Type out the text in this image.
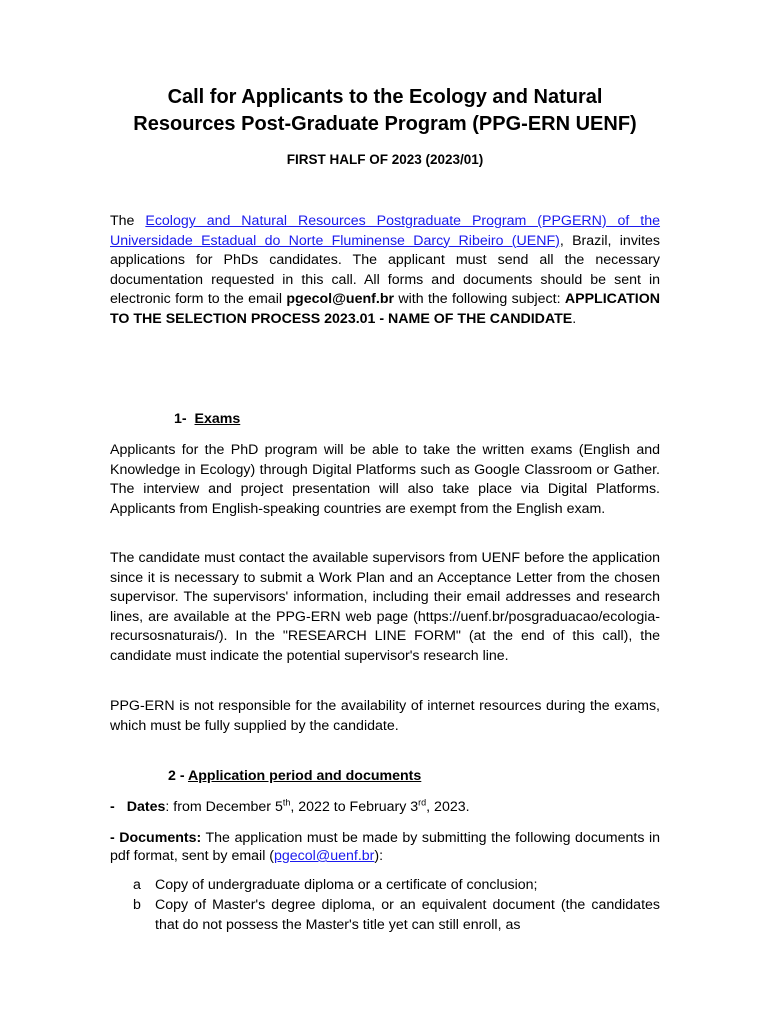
Call for Applicants to the Ecology and Natural
Resources Post-Graduate Program (PPG-ERN UENF)
FIRST HALF OF 2023 (2023/01)
The Ecology and Natural Resources Postgraduate Program (PPGERN) of the Universidade Estadual do Norte Fluminense Darcy Ribeiro (UENF), Brazil, invites applications for PhDs candidates. The applicant must send all the necessary documentation requested in this call. All forms and documents should be sent in electronic form to the email pgecol@uenf.br with the following subject: APPLICATION TO THE SELECTION PROCESS 2023.01 - NAME OF THE CANDIDATE.
1- Exams
Applicants for the PhD program will be able to take the written exams (English and Knowledge in Ecology) through Digital Platforms such as Google Classroom or Gather. The interview and project presentation will also take place via Digital Platforms. Applicants from English-speaking countries are exempt from the English exam.
The candidate must contact the available supervisors from UENF before the application since it is necessary to submit a Work Plan and an Acceptance Letter from the chosen supervisor. The supervisors' information, including their email addresses and research lines, are available at the PPG-ERN web page (https://uenf.br/posgraduacao/ecologia-recursosnaturais/). In the "RESEARCH LINE FORM" (at the end of this call), the candidate must indicate the potential supervisor's research line.
PPG-ERN is not responsible for the availability of internet resources during the exams, which must be fully supplied by the candidate.
2 - Application period and documents
- Dates: from December 5th, 2022 to February 3rd, 2023.
- Documents: The application must be made by submitting the following documents in pdf format, sent by email (pgecol@uenf.br):
a Copy of undergraduate diploma or a certificate of conclusion;
b Copy of Master's degree diploma, or an equivalent document (the candidates that do not possess the Master's title yet can still enroll, as
